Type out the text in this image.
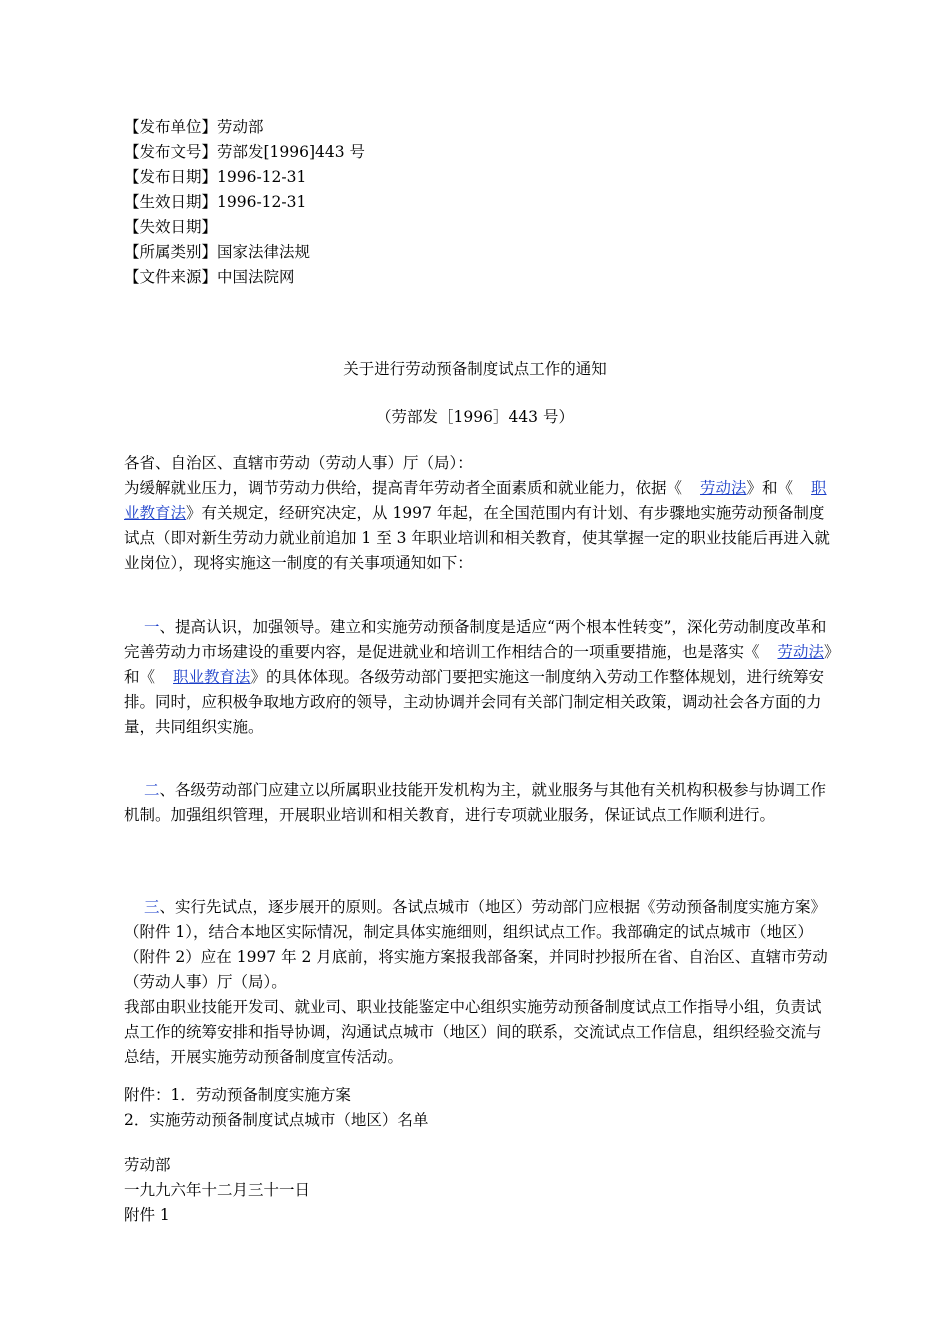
【发布单位】劳动部
【发布文号】劳部发[1996]443 号
【发布日期】1996-12-31
【生效日期】1996-12-31
【失效日期】
【所属类别】国家法律法规
【文件来源】中国法院网
关于进行劳动预备制度试点工作的通知
（劳部发［1996］443 号）

各省、自治区、直辖市劳动（劳动人事）厅（局）：

为缓解就业压力，调节劳动力供给，提高青年劳动者全面素质和就业能力，依据《 劳动法》和《 职业教育法》有关规定，经研究决定，从 1997 年起，在全国范围内有计划、有步骤地实施劳动预备制度试点（即对新生劳动力就业前追加 1 至 3 年职业培训和相关教育，使其掌握一定的职业技能后再进入就业岗位），现将实施这一制度的有关事项通知如下：

一、提高认识，加强领导。建立和实施劳动预备制度是适应“两个根本性转变”，深化劳动制度改革和完善劳动力市场建设的重要内容，是促进就业和培训工作相结合的一项重要措施，也是落实《 劳动法》和《 职业教育法》的具体体现。各级劳动部门要把实施这一制度纳入劳动工作整体规划，进行统筹安排。同时，应积极争取地方政府的领导，主动协调并会同有关部门制定相关政策，调动社会各方面的力量，共同组织实施。

二、各级劳动部门应建立以所属职业技能开发机构为主，就业服务与其他有关机构积极参与协调工作机制。加强组织管理，开展职业培训和相关教育，进行专项就业服务，保证试点工作顺利进行。

三、实行先试点，逐步展开的原则。各试点城市（地区）劳动部门应根据《劳动预备制度实施方案》（附件 1），结合本地区实际情况，制定具体实施细则，组织试点工作。我部确定的试点城市（地区）（附件 2）应在 1997 年 2 月底前，将实施方案报我部备案，并同时抄报所在省、自治区、直辖市劳动（劳动人事）厅（局）。

我部由职业技能开发司、就业司、职业技能鉴定中心组织实施劳动预备制度试点工作指导小组，负责试点工作的统筹安排和指导协调，沟通试点城市（地区）间的联系，交流试点工作信息，组织经验交流与总结，开展实施劳动预备制度宣传活动。

附件：1．劳动预备制度实施方案

2．实施劳动预备制度试点城市（地区）名单

劳动部

一九九六年十二月三十一日

附件 1
